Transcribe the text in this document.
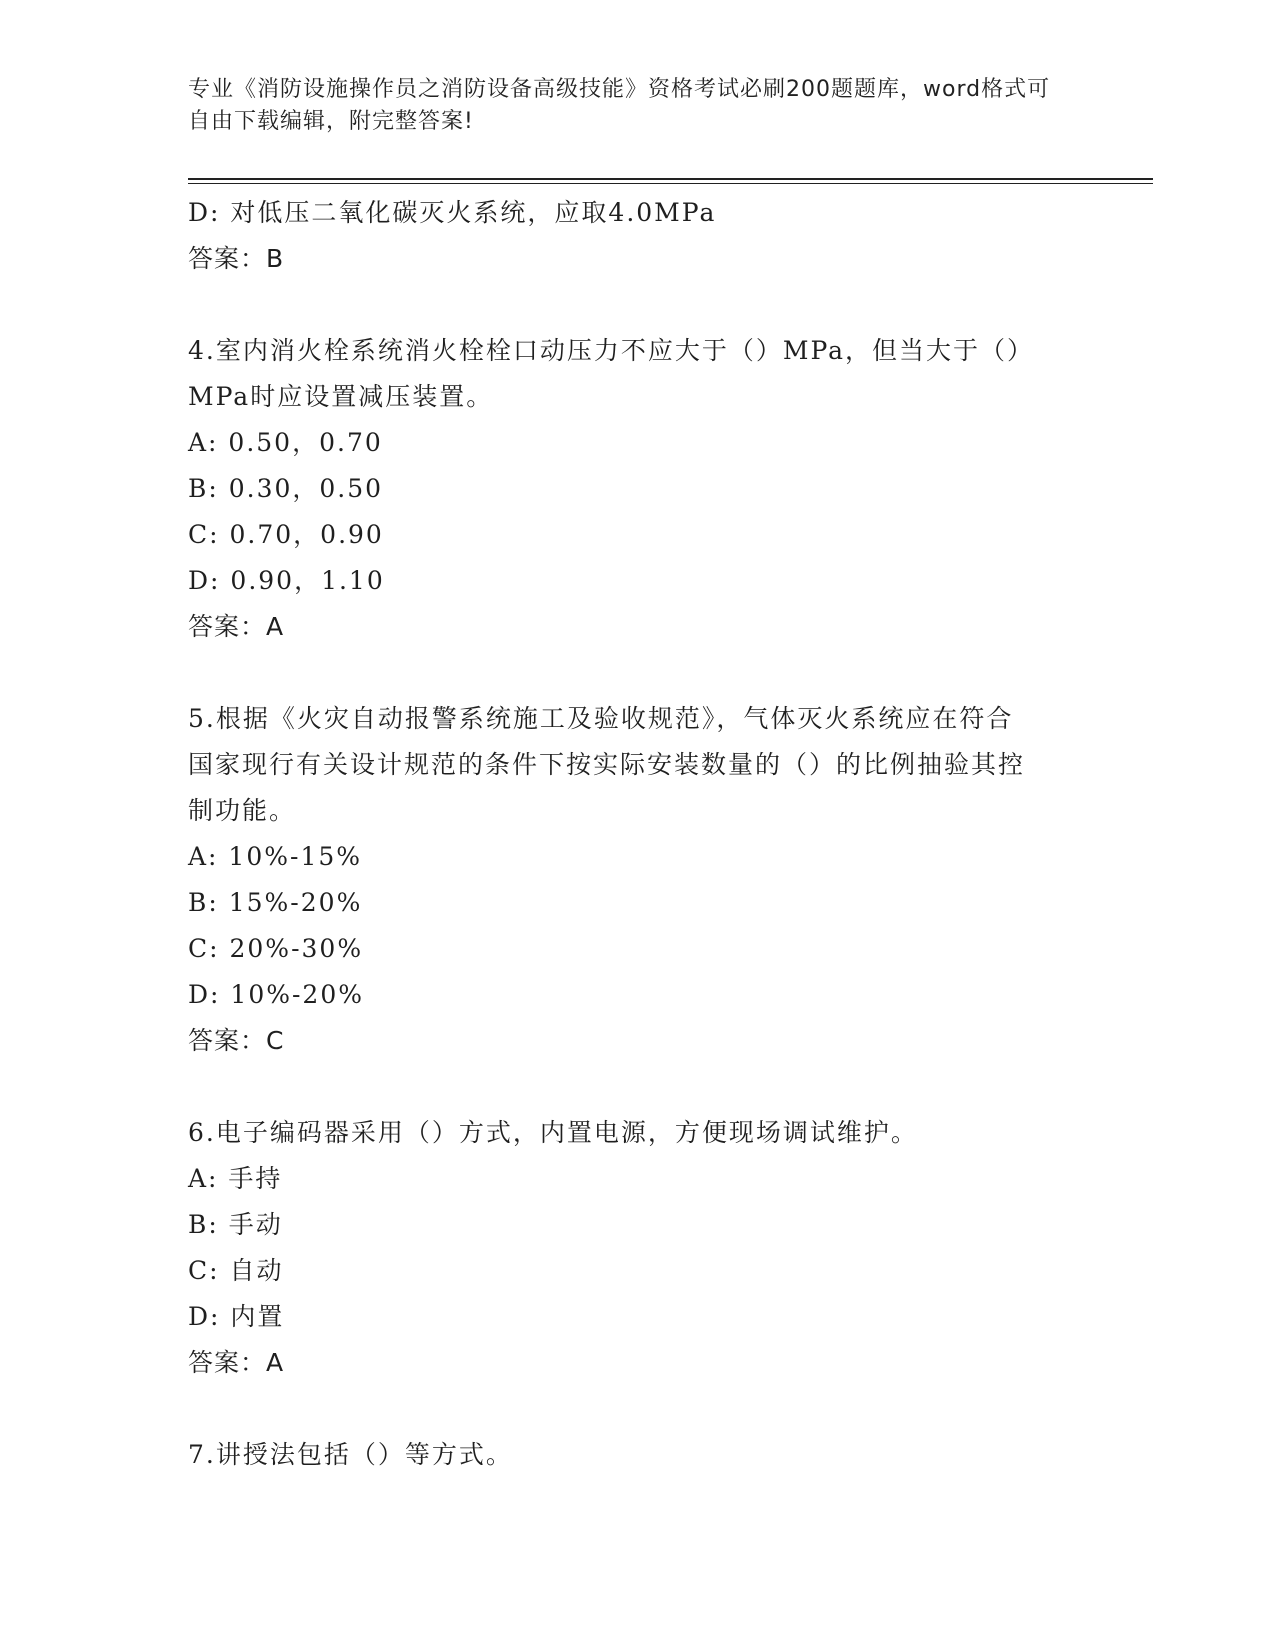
专业《消防设施操作员之消防设备高级技能》资格考试必刷200题题库，word格式可自由下载编辑，附完整答案!
D: 对低压二氧化碳灭火系统，应取4.0MPa
答案：B
4.室内消火栓系统消火栓栓口动压力不应大于（）MPa，但当大于（）MPa时应设置减压装置。
A: 0.50，0.70
B: 0.30，0.50
C: 0.70，0.90
D: 0.90，1.10
答案：A
5.根据《火灾自动报警系统施工及验收规范》，气体灭火系统应在符合国家现行有关设计规范的条件下按实际安装数量的（）的比例抽验其控制功能。
A: 10%-15%
B: 15%-20%
C: 20%-30%
D: 10%-20%
答案：C
6.电子编码器采用（）方式，内置电源，方便现场调试维护。
A: 手持
B: 手动
C: 自动
D: 内置
答案：A
7.讲授法包括（）等方式。
